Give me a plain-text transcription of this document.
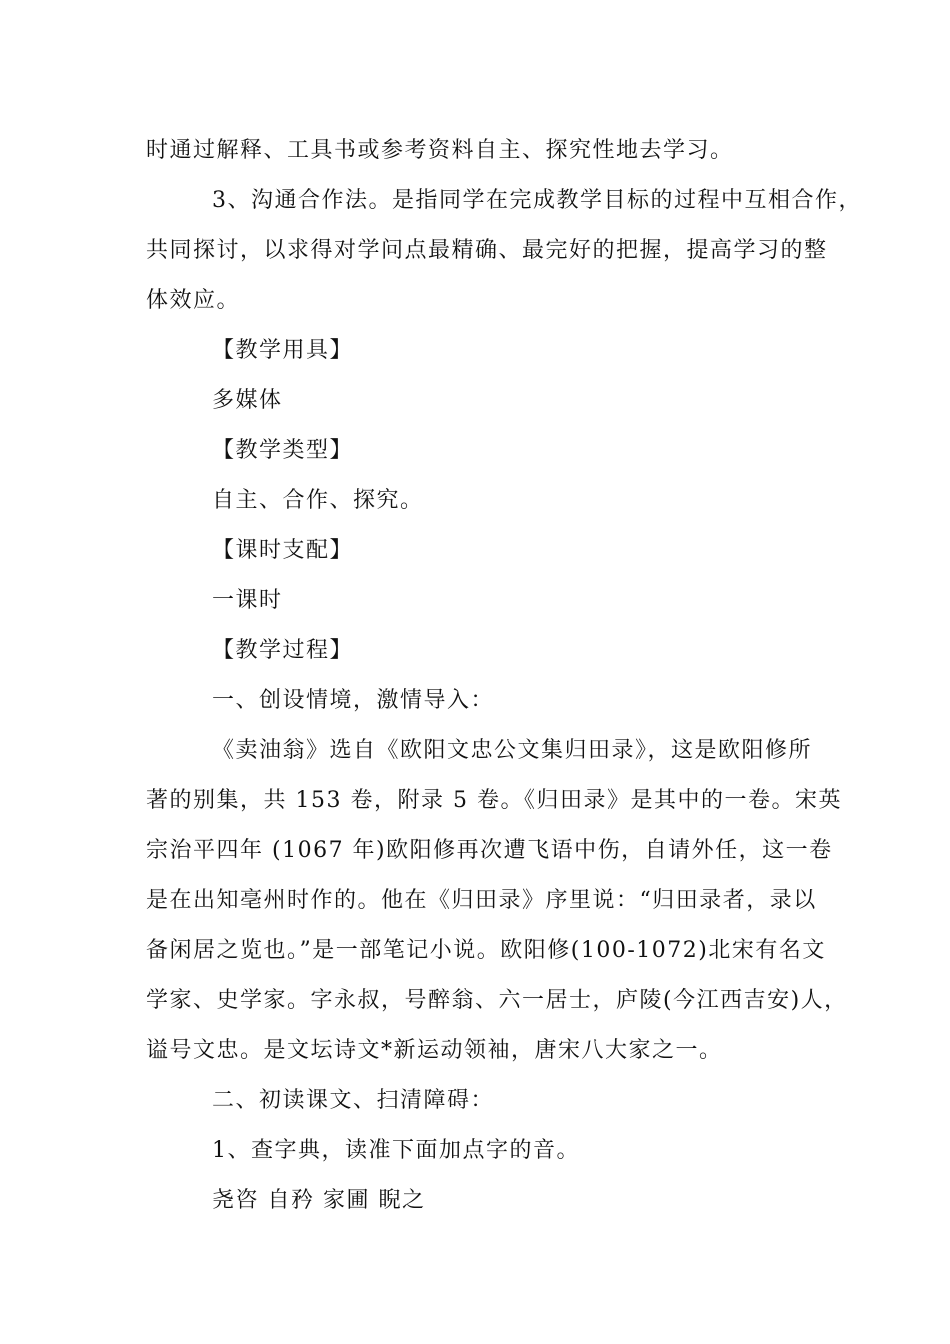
时通过解释、工具书或参考资料自主、探究性地去学习。
3、沟通合作法。是指同学在完成教学目标的过程中互相合作，
共同探讨，以求得对学问点最精确、最完好的把握，提高学习的整
体效应。
【教学用具】
多媒体
【教学类型】
自主、合作、探究。
【课时支配】
一课时
【教学过程】
一、创设情境，激情导入：
《卖油翁》选自《欧阳文忠公文集归田录》，这是欧阳修所
著的别集，共 153 卷，附录 5 卷。《归田录》是其中的一卷。宋英
宗治平四年 (1067 年)欧阳修再次遭飞语中伤，自请外任，这一卷
是在出知亳州时作的。他在《归田录》序里说：“归田录者，录以
备闲居之览也。”是一部笔记小说。欧阳修(100-1072)北宋有名文
学家、史学家。字永叔，号醉翁、六一居士，庐陵(今江西吉安)人，
谥号文忠。是文坛诗文*新运动领袖，唐宋八大家之一。
二、初读课文、扫清障碍：
1、查字典，读准下面加点字的音。
尧咨 自矜 家圃 睨之
